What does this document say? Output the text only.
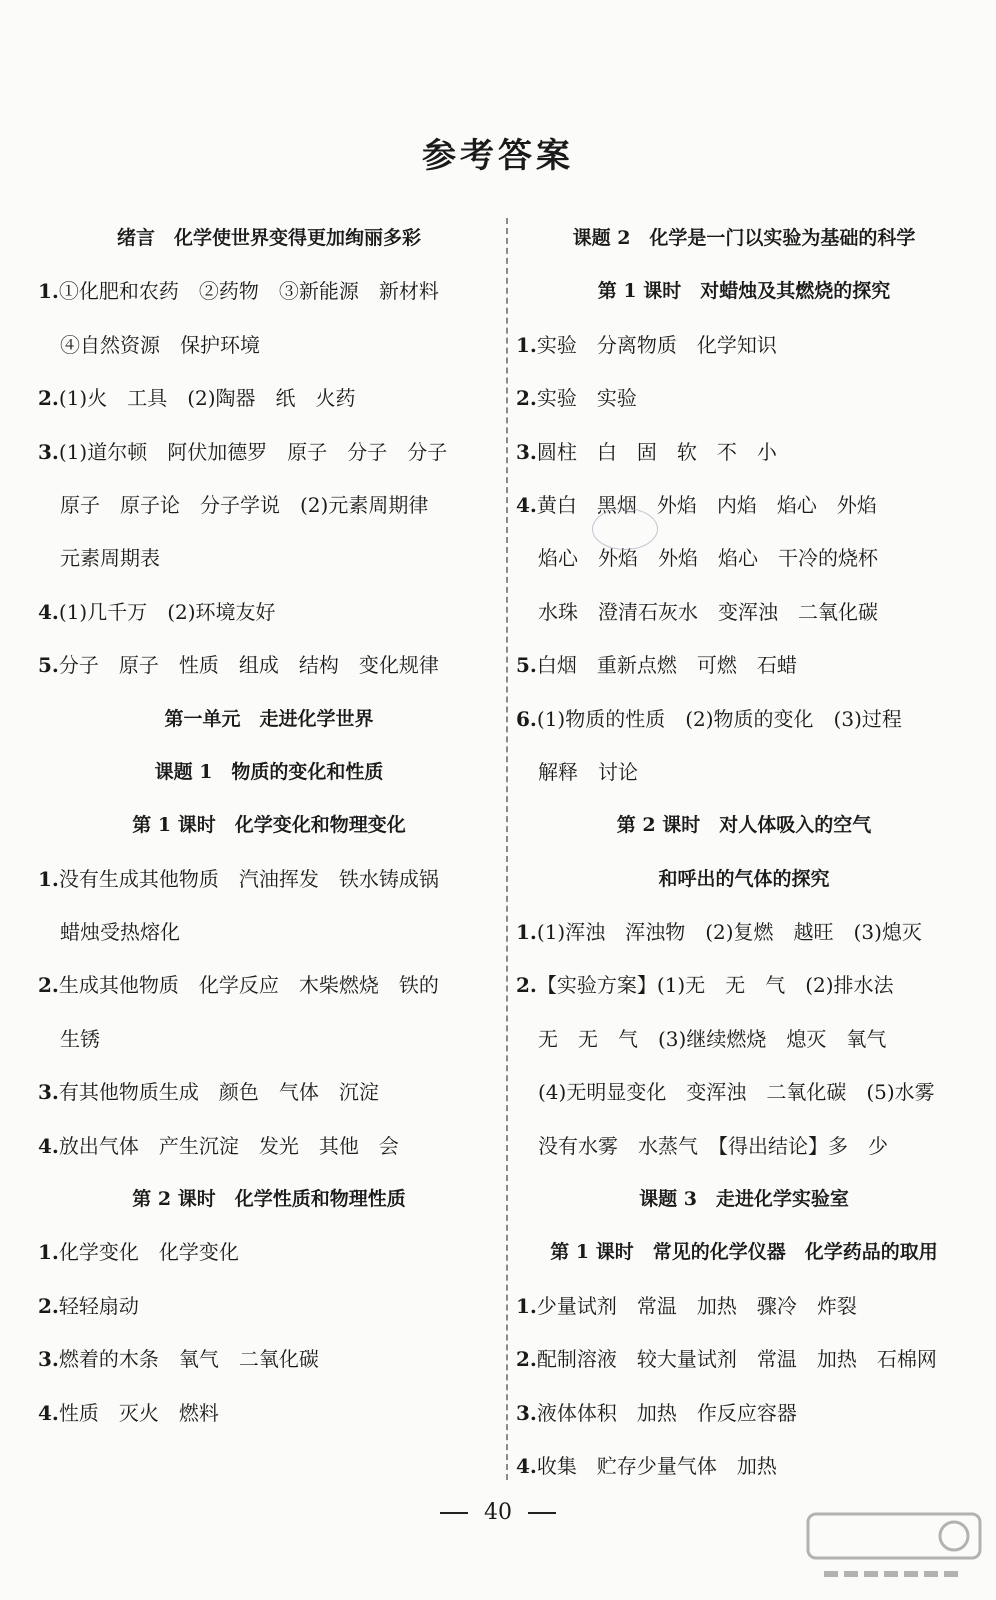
参考答案
绪言　化学使世界变得更加绚丽多彩
1.①化肥和农药　②药物　③新能源　新材料
④自然资源　保护环境
2.(1)火　工具　(2)陶器　纸　火药
3.(1)道尔顿　阿伏加德罗　原子　分子　分子
原子　原子论　分子学说　(2)元素周期律
元素周期表
4.(1)几千万　(2)环境友好
5.分子　原子　性质　组成　结构　变化规律
第一单元　走进化学世界
课题 1　物质的变化和性质
第 1 课时　化学变化和物理变化
1.没有生成其他物质　汽油挥发　铁水铸成锅
蜡烛受热熔化
2.生成其他物质　化学反应　木柴燃烧　铁的
生锈
3.有其他物质生成　颜色　气体　沉淀
4.放出气体　产生沉淀　发光　其他　会
第 2 课时　化学性质和物理性质
1.化学变化　化学变化
2.轻轻扇动
3.燃着的木条　氧气　二氧化碳
4.性质　灭火　燃料
课题 2　化学是一门以实验为基础的科学
第 1 课时　对蜡烛及其燃烧的探究
1.实验　分离物质　化学知识
2.实验　实验
3.圆柱　白　固　软　不　小
4.黄白　黑烟　外焰　内焰　焰心　外焰
焰心　外焰　外焰　焰心　干冷的烧杯
水珠　澄清石灰水　变浑浊　二氧化碳
5.白烟　重新点燃　可燃　石蜡
6.(1)物质的性质　(2)物质的变化　(3)过程
解释　讨论
第 2 课时　对人体吸入的空气
和呼出的气体的探究
1.(1)浑浊　浑浊物　(2)复燃　越旺　(3)熄灭
2.【实验方案】(1)无　无　气　(2)排水法
无　无　气　(3)继续燃烧　熄灭　氧气
(4)无明显变化　变浑浊　二氧化碳　(5)水雾
没有水雾　水蒸气　【得出结论】多　少
课题 3　走进化学实验室
第 1 课时　常见的化学仪器　化学药品的取用
1.少量试剂　常温　加热　骤冷　炸裂
2.配制溶液　较大量试剂　常温　加热　石棉网
3.液体体积　加热　作反应容器
4.收集　贮存少量气体　加热
40
